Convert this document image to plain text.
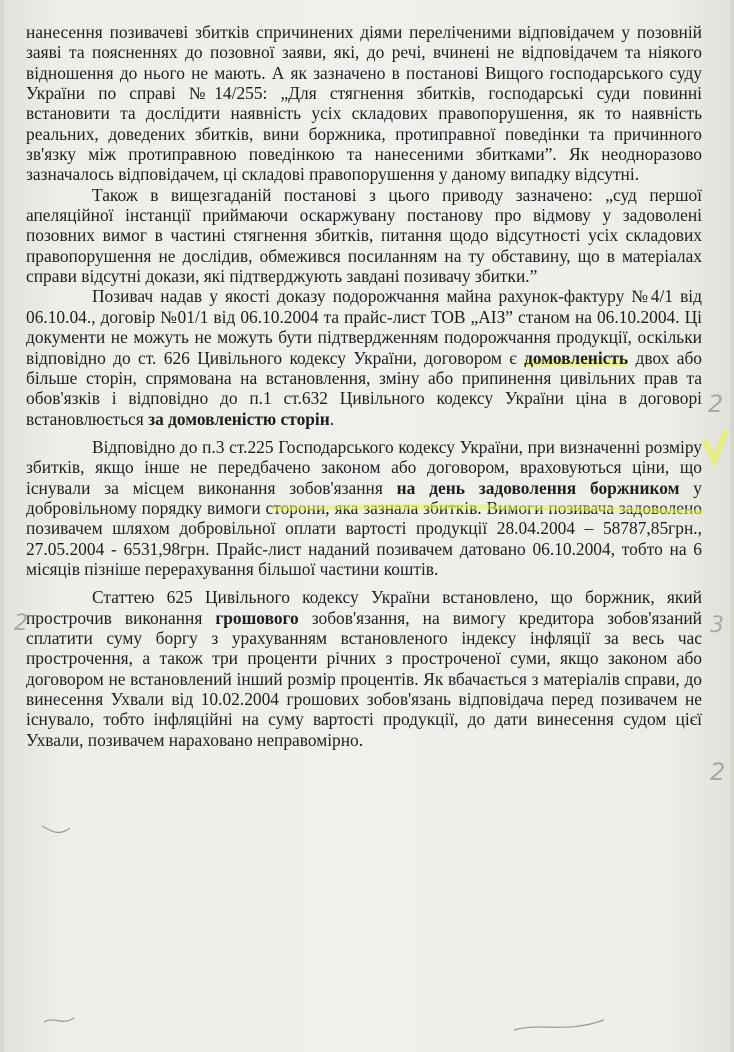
нанесення позивачеві збитків спричинених діями переліченими відповідачем у позовній заяві та поясненнях до позовної заяви, які, до речі, вчинені не відповідачем та ніякого відношення до нього не мають. А як зазначено в постанові Вищого господарського суду України по справі №14/255: „Для стягнення збитків, господарські суди повинні встановити та дослідити наявність усіх складових правопорушення, як то наявність реальних, доведених збитків, вини боржника, протиправної поведінки та причинного зв'язку між протиправною поведінкою та нанесеними збитками”. Як неодноразово зазначалось відповідачем, ці складові правопорушення у даному випадку відсутні.

Також в вищезгаданій постанові з цього приводу зазначено: „суд першої апеляційної інстанції приймаючи оскаржувану постанову про відмову у задоволені позовних вимог в частині стягнення збитків, питання щодо відсутності усіх складових правопорушення не дослідив, обмежився посиланням на ту обставину, що в матеріалах справи відсутні докази, які підтверджують завдані позивачу збитки.”

Позивач надав у якості доказу подорожчання майна рахунок-фактуру №4/1 від 06.10.04., договір №01/1 від 06.10.2004 та прайс-лист ТОВ „АІЗ” станом на 06.10.2004. Ці документи не можуть не можуть бути підтвердженням подорожчання продукції, оскільки відповідно до ст. 626 Цивільного кодексу України, договором є домовленість двох або більше сторін, спрямована на встановлення, зміну або припинення цивільних прав та обов'язків і відповідно до п.1 ст.632 Цивільного кодексу України ціна в договорі встановлюється за домовленістю сторін.

Відповідно до п.3 ст.225 Господарського кодексу України, при визначенні розміру збитків, якщо інше не передбачено законом або договором, враховуються ціни, що існували за місцем виконання зобов'язання на день задоволення боржником у добровільному порядку вимоги сторони, яка зазнала збитків. Вимоги позивача задоволено позивачем шляхом добровільної оплати вартості продукції 28.04.2004 – 58787,85грн., 27.05.2004 - 6531,98грн. Прайс-лист наданий позивачем датовано 06.10.2004, тобто на 6 місяців пізніше перерахування більшої частини коштів.

Статтею 625 Цивільного кодексу України встановлено, що боржник, який прострочив виконання грошового зобов'язання, на вимогу кредитора зобов'язаний сплатити суму боргу з урахуванням встановленого індексу інфляції за весь час прострочення, а також три проценти річних з простроченої суми, якщо законом або договором не встановлений інший розмір процентів. Як вбачається з матеріалів справи, до винесення Ухвали від 10.02.2004 грошових зобов'язань відповідача перед позивачем не існувало, тобто інфляційні на суму вартості продукції, до дати винесення судом цієї Ухвали, позивачем нараховано неправомірно.

2
2	3
2
